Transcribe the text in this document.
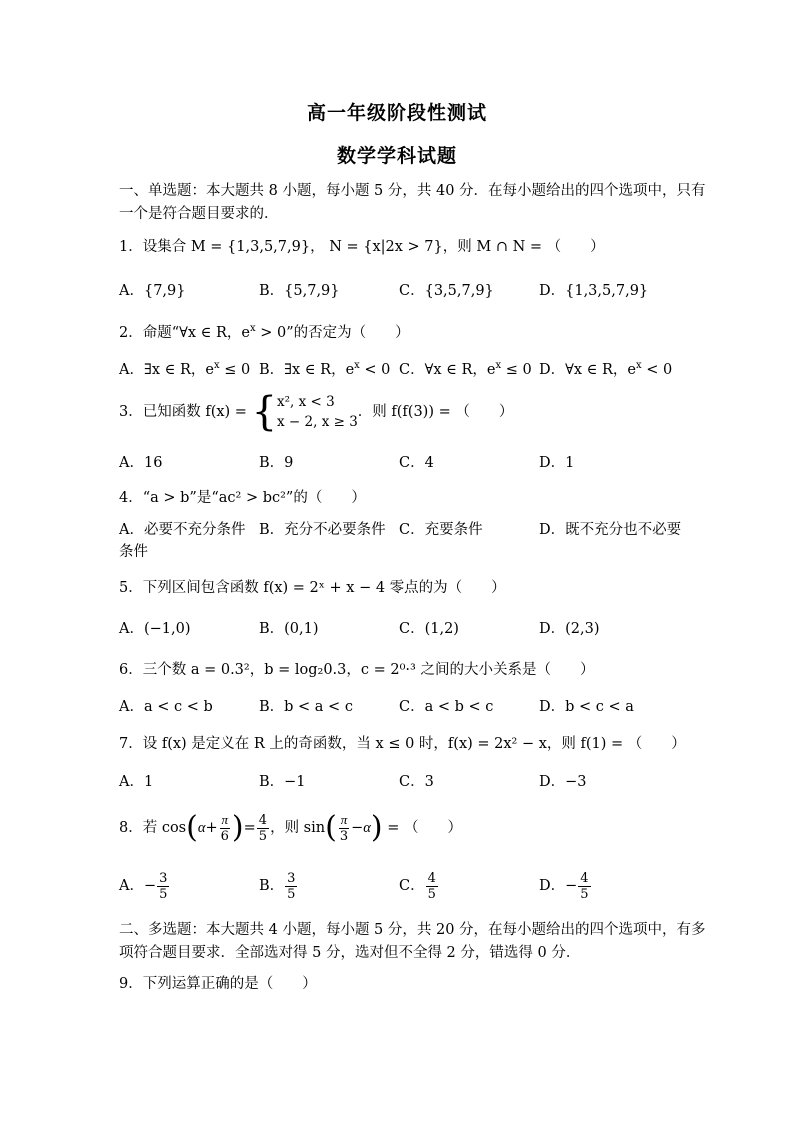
高一年级阶段性测试
数学学科试题
一、单选题：本大题共 8 小题，每小题 5 分，共 40 分．在每小题给出的四个选项中，只有
一个是符合题目要求的．
1．设集合 M = {1,3,5,7,9}， N = {x|2x > 7}，则 M ∩ N = （　　）
A．{7,9}	B．{5,7,9}	C．{3,5,7,9}	D．{1,3,5,7,9}
2．命题“∀x ∈ R，$e^x > 0$”的否定为（　　）
A．∃x ∈ R，$e^x \le 0$ B．∃x ∈ R，$e^x < 0$ C．∀x ∈ R，$e^x \le 0$ D．∀x ∈ R，$e^x < 0$
3．已知函数 f(x) = { x², x < 3
x − 2, x ≥ 3
．则 f(f(3)) = （　　）
A．16	B．9	C．4	D．1
4．“a > b”是“ac² > bc²”的（　　）
A．必要不充分条件 B．充分不必要条件 C．充要条件	D．既不充分也不必要
条件
5．下列区间包含函数 f(x) = 2ˣ + x − 4 零点的为（　　）
A．(−1,0)	B．(0,1)	C．(1,2)	D．(2,3)
6．三个数 a = 0.3²，b = log₂0.3，c = 2⁰·³ 之间的大小关系是（　　）
A．a < c < b	B．b < a < c	C．a < b < c	D．b < c < a
7．设 f(x) 是定义在 R 上的奇函数，当 x ≤ 0 时，f(x) = 2x² − x，则 f(1) = （　　）
A．1	B．−1	C．3	D．−3
8．若 $\cos(\alpha+ \frac{\pi}{6}$ )= $\frac{4}{5}$ ，则 $\sin( \frac{\pi}{3} -\alpha)$ = （　　）
A．− $\frac{3}{5}$	B． $\frac{3}{5}$	C． $\frac{4}{5}$	D．− $\frac{4}{5}$
二、多选题：本大题共 4 小题，每小题 5 分，共 20 分，在每小题给出的四个选项中，有多
项符合题目要求．全部选对得 5 分，选对但不全得 2 分，错选得 0 分．
9．下列运算正确的是（　　）
